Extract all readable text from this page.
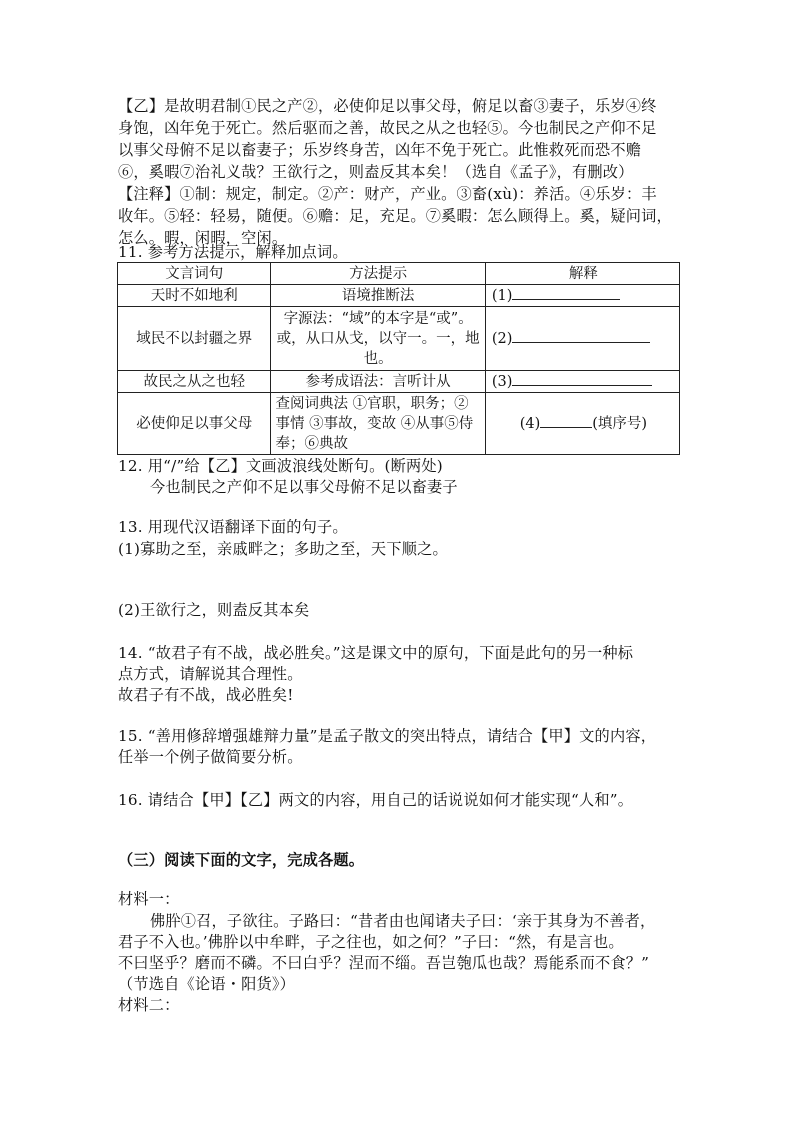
【乙】是故明君制①民之产②，必使仰足以事父母，俯足以畜③妻子，乐岁④终
身饱，凶年免于死亡。然后驱而之善，故民之从之也轻⑤。今也制民之产仰不足
以事父母俯不足以畜妻子；乐岁终身苦，凶年不免于死亡。此惟救死而恐不赡
⑥，奚暇⑦治礼义哉？王欲行之，则盍反其本矣！（选自《孟子》，有删改）
【注释】①制：规定，制定。②产：财产，产业。③畜(xù)：养活。④乐岁：丰
收年。⑤轻：轻易，随便。⑥赡：足，充足。⑦奚暇：怎么顾得上。奚，疑问词，
怎么。暇，闲暇，空闲。
11. 参考方法提示，解释加点词。
文言词句	方法提示	解释
天时不如地利	语境推断法	(1)
域民不以封疆之界	字源法：“域”的本字是“或”。或，从口从戈，以守一。一，地也。	(2)
故民之从之也轻	参考成语法：言听计从	(3)
必使仰足以事父母	查阅词典法 ①官职，职务；②事情 ③事故，变故 ④从事⑤侍奉；⑥典故	(4) (填序号)
12. 用“/”给【乙】文画波浪线处断句。(断两处)
今也制民之产仰不足以事父母俯不足以畜妻子
13. 用现代汉语翻译下面的句子。
(1)寡助之至，亲戚畔之；多助之至，天下顺之。
(2)王欲行之，则盍反其本矣
14. “故君子有不战，战必胜矣。”这是课文中的原句，下面是此句的另一种标
点方式，请解说其合理性。
故君子有不战，战必胜矣!
15. “善用修辞增强雄辩力量”是孟子散文的突出特点，请结合【甲】文的内容，
任举一个例子做简要分析。
16. 请结合【甲】【乙】两文的内容，用自己的话说说如何才能实现“人和”。
（三）阅读下面的文字，完成各题。
材料一：
佛肸①召，子欲往。子路曰：“昔者由也闻诸夫子曰：‘亲于其身为不善者，
君子不入也。’佛肸以中牟畔，子之往也，如之何？”子曰：“然，有是言也。
不曰坚乎？磨而不磷。不曰白乎？涅而不缁。吾岂匏瓜也哉？焉能系而不食？”
（节选自《论语・阳货》）
材料二：
